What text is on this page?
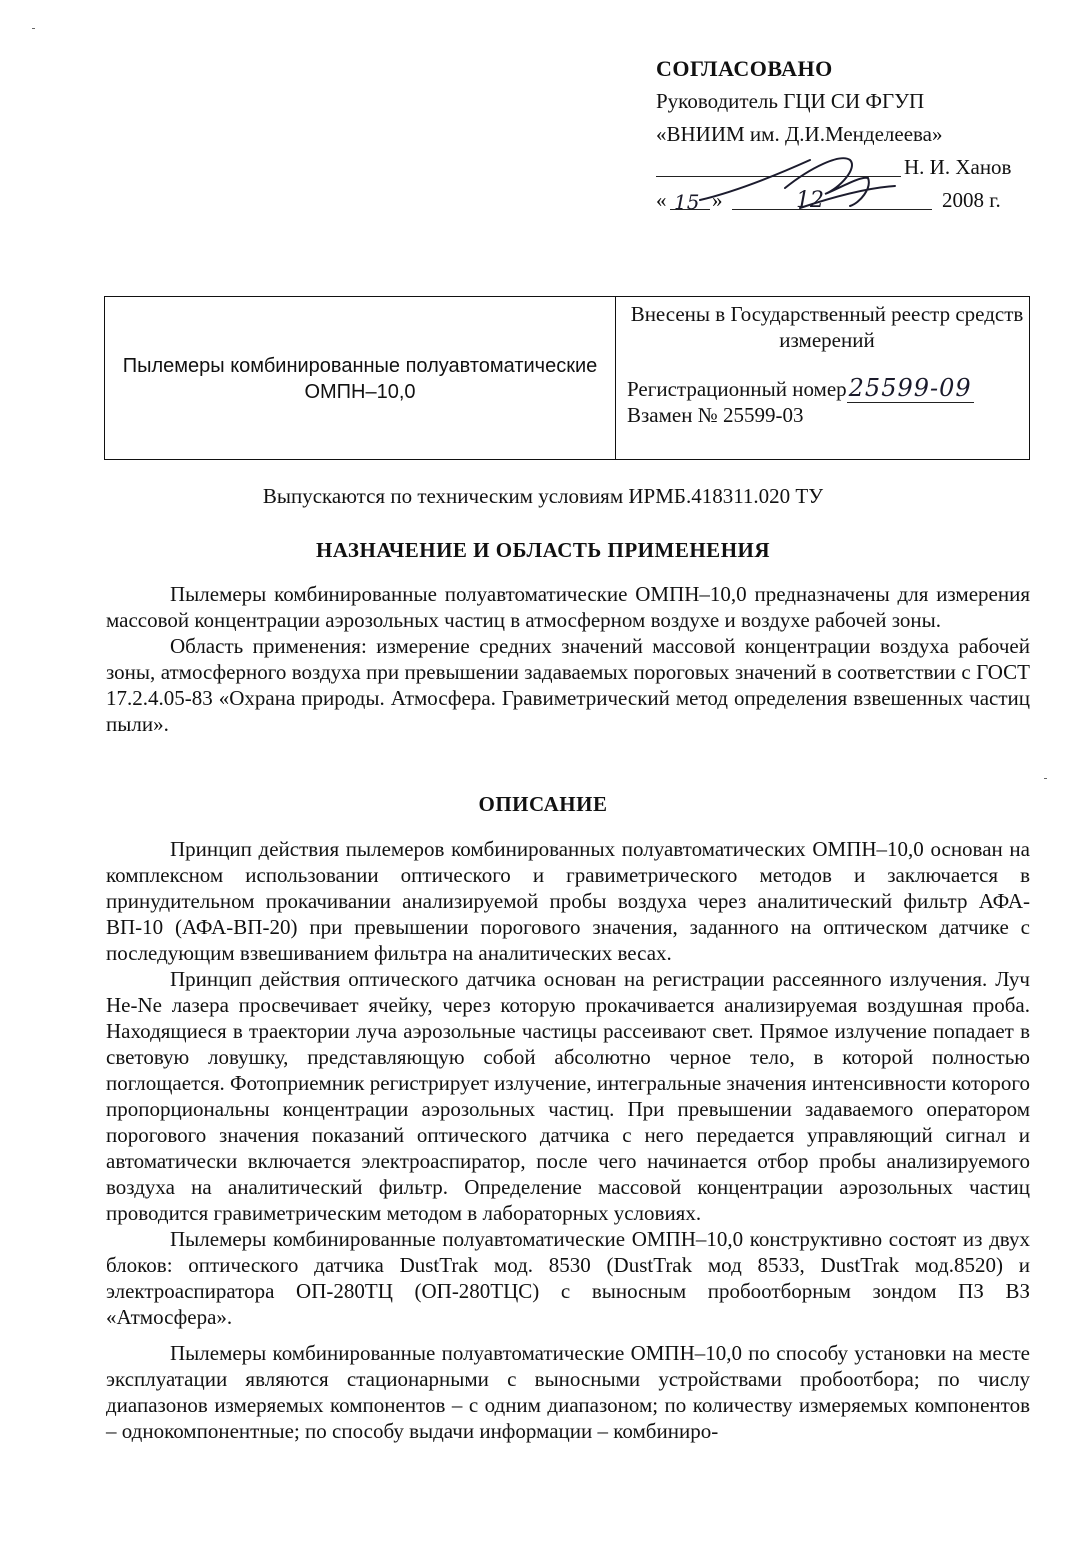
СОГЛАСОВАНО
Руководитель ГЦИ СИ ФГУП
«ВНИИМ им. Д.И.Менделеева»
Н. И. Ханов
« 15 »	12	2008 г.
Пылемеры комбинированные полуавтоматические ОМПН–10,0
Внесены в Государственный реестр средств измерений
Регистрационный номер25599-09
Взамен № 25599-03
Выпускаются по техническим условиям ИРМБ.418311.020 ТУ
НАЗНАЧЕНИЕ И ОБЛАСТЬ ПРИМЕНЕНИЯ

Пылемеры комбинированные полуавтоматические ОМПН–10,0 предназначены для измерения массовой концентрации аэрозольных частиц в атмосферном воздухе и воздухе рабочей зоны.

Область применения: измерение средних значений массовой концентрации воздуха рабочей зоны, атмосферного воздуха при превышении задаваемых пороговых значений в соответствии с ГОСТ 17.2.4.05-83 «Охрана природы. Атмосфера. Гравиметрический метод определения взвешенных частиц пыли».

ОПИСАНИЕ

Принцип действия пылемеров комбинированных полуавтоматических ОМПН–10,0 основан на комплексном использовании оптического и гравиметрического методов и заключается в принудительном прокачивании анализируемой пробы воздуха через аналитический фильтр АФА-ВП-10 (АФА-ВП-20) при превышении порогового значения, заданного на оптическом датчике с последующим взвешиванием фильтра на аналитических весах.

Принцип действия оптического датчика основан на регистрации рассеянного излучения. Луч He-Ne лазера просвечивает ячейку, через которую прокачивается анализируемая воздушная проба. Находящиеся в траектории луча аэрозольные частицы рассеивают свет. Прямое излучение попадает в световую ловушку, представляющую собой абсолютно черное тело, в которой полностью поглощается. Фотоприемник регистрирует излучение, интегральные значения интенсивности которого пропорциональны концентрации аэрозольных частиц. При превышении задаваемого оператором порогового значения показаний оптического датчика с него передается управляющий сигнал и автоматически включается электроаспиратор, после чего начинается отбор пробы анализируемого воздуха на аналитический фильтр. Определение массовой концентрации аэрозольных частиц проводится гравиметрическим методом в лабораторных условиях.

Пылемеры комбинированные полуавтоматические ОМПН–10,0 конструктивно состоят из двух блоков: оптического датчика DustTrak мод. 8530 (DustTrak мод 8533, DustTrak мод.8520) и электроаспиратора ОП-280ТЦ (ОП-280ТЦС) с выносным пробоотборным зондом ПЗ ВЗ «Атмосфера».

Пылемеры комбинированные полуавтоматические ОМПН–10,0 по способу установки на месте эксплуатации являются стационарными с выносными устройствами пробоотбора; по числу диапазонов измеряемых компонентов – с одним диапазоном; по количеству измеряемых компонентов – однокомпонентные; по способу выдачи информации – комбиниро-
